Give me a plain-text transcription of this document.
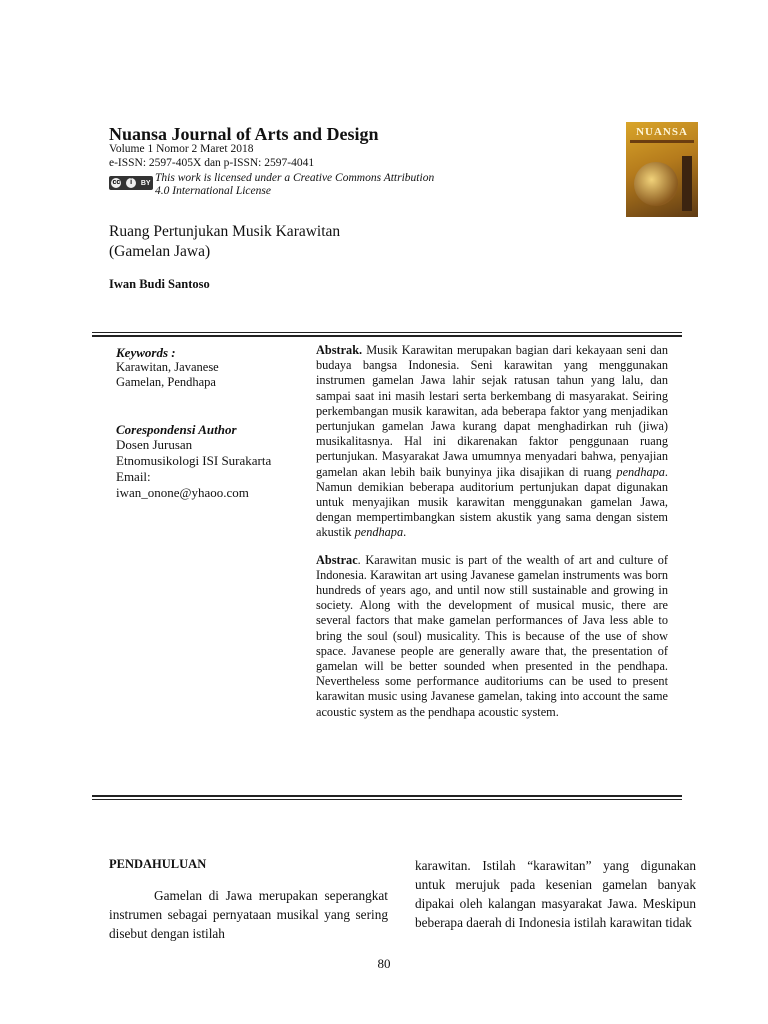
Nuansa Journal of Arts and Design
Volume 1 Nomor 2 Maret 2018
e-ISSN: 2597-405X dan p-ISSN: 2597-4041
cc	i	BY This work is licensed under a Creative Commons Attribution
4.0 International License
NUANSA
Ruang Pertunjukan Musik Karawitan
(Gamelan Jawa)
Iwan Budi Santoso
Keywords :
Karawitan, Javanese
Gamelan, Pendhapa
Corespondensi Author
Dosen Jurusan
Etnomusikologi ISI Surakarta
Email:
iwan_onone@yhaoo.com

Abstrak. Musik Karawitan merupakan bagian dari kekayaan seni dan budaya bangsa Indonesia. Seni karawitan yang menggunakan instrumen gamelan Jawa lahir sejak ratusan tahun yang lalu, dan sampai saat ini masih lestari serta berkembang di masyarakat. Seiring perkembangan musik karawitan, ada beberapa faktor yang menjadikan pertunjukan gamelan Jawa kurang dapat menghadirkan ruh (jiwa) musikalitasnya. Hal ini dikarenakan faktor penggunaan ruang pertunjukan. Masyarakat Jawa umumnya menyadari bahwa, penyajian gamelan akan lebih baik bunyinya jika disajikan di ruang pendhapa. Namun demikian beberapa auditorium pertunjukan dapat digunakan untuk menyajikan musik karawitan menggunakan gamelan Jawa, dengan mempertimbangkan sistem akustik yang sama dengan sistem akustik pendhapa.

Abstrac. Karawitan music is part of the wealth of art and culture of Indonesia. Karawitan art using Javanese gamelan instruments was born hundreds of years ago, and until now still sustainable and growing in society. Along with the development of musical music, there are several factors that make gamelan performances of Java less able to bring the soul (soul) musicality. This is because of the use of show space. Javanese people are generally aware that, the presentation of gamelan will be better sounded when presented in the pendhapa. Nevertheless some performance auditoriums can be used to present karawitan music using Javanese gamelan, taking into account the same acoustic system as the pendhapa acoustic system.

PENDAHULUAN
Gamelan di Jawa merupakan seperangkat instrumen sebagai pernyataan musikal yang sering disebut dengan istilah
karawitan. Istilah “karawitan” yang digunakan untuk merujuk pada kesenian gamelan banyak dipakai oleh kalangan masyarakat Jawa. Meskipun beberapa daerah di Indonesia istilah karawitan tidak
80
